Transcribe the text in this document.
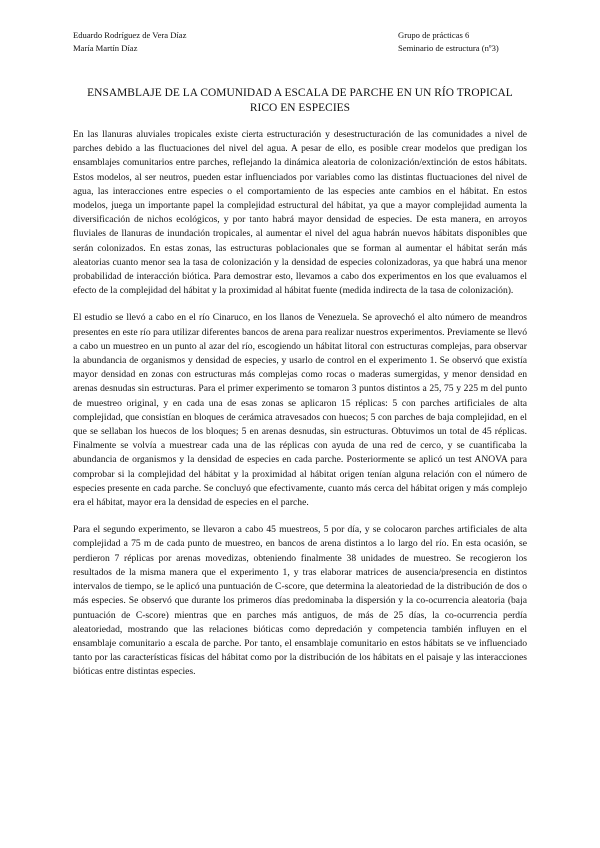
Eduardo Rodríguez de Vera Díaz
María Martín Díaz
Grupo de prácticas 6
Seminario de estructura (nº3)
ENSAMBLAJE DE LA COMUNIDAD A ESCALA DE PARCHE EN UN RÍO TROPICAL RICO EN ESPECIES

En las llanuras aluviales tropicales existe cierta estructuración y desestructuración de las comunidades a nivel de parches debido a las fluctuaciones del nivel del agua. A pesar de ello, es posible crear modelos que predigan los ensamblajes comunitarios entre parches, reflejando la dinámica aleatoria de colonización/extinción de estos hábitats. Estos modelos, al ser neutros, pueden estar influenciados por variables como las distintas fluctuaciones del nivel de agua, las interacciones entre especies o el comportamiento de las especies ante cambios en el hábitat. En estos modelos, juega un importante papel la complejidad estructural del hábitat, ya que a mayor complejidad aumenta la diversificación de nichos ecológicos, y por tanto habrá mayor densidad de especies. De esta manera, en arroyos fluviales de llanuras de inundación tropicales, al aumentar el nivel del agua habrán nuevos hábitats disponibles que serán colonizados. En estas zonas, las estructuras poblacionales que se forman al aumentar el hábitat serán más aleatorias cuanto menor sea la tasa de colonización y la densidad de especies colonizadoras, ya que habrá una menor probabilidad de interacción biótica. Para demostrar esto, llevamos a cabo dos experimentos en los que evaluamos el efecto de la complejidad del hábitat y la proximidad al hábitat fuente (medida indirecta de la tasa de colonización).

El estudio se llevó a cabo en el río Cinaruco, en los llanos de Venezuela. Se aprovechó el alto número de meandros presentes en este río para utilizar diferentes bancos de arena para realizar nuestros experimentos. Previamente se llevó a cabo un muestreo en un punto al azar del río, escogiendo un hábitat litoral con estructuras complejas, para observar la abundancia de organismos y densidad de especies, y usarlo de control en el experimento 1. Se observó que existía mayor densidad en zonas con estructuras más complejas como rocas o maderas sumergidas, y menor densidad en arenas desnudas sin estructuras. Para el primer experimento se tomaron 3 puntos distintos a 25, 75 y 225 m del punto de muestreo original, y en cada una de esas zonas se aplicaron 15 réplicas: 5 con parches artificiales de alta complejidad, que consistían en bloques de cerámica atravesados con huecos; 5 con parches de baja complejidad, en el que se sellaban los huecos de los bloques; 5 en arenas desnudas, sin estructuras. Obtuvimos un total de 45 réplicas. Finalmente se volvía a muestrear cada una de las réplicas con ayuda de una red de cerco, y se cuantificaba la abundancia de organismos y la densidad de especies en cada parche. Posteriormente se aplicó un test ANOVA para comprobar si la complejidad del hábitat y la proximidad al hábitat origen tenían alguna relación con el número de especies presente en cada parche. Se concluyó que efectivamente, cuanto más cerca del hábitat origen y más complejo era el hábitat, mayor era la densidad de especies en el parche.

Para el segundo experimento, se llevaron a cabo 45 muestreos, 5 por día, y se colocaron parches artificiales de alta complejidad a 75 m de cada punto de muestreo, en bancos de arena distintos a lo largo del río. En esta ocasión, se perdieron 7 réplicas por arenas movedizas, obteniendo finalmente 38 unidades de muestreo. Se recogieron los resultados de la misma manera que el experimento 1, y tras elaborar matrices de ausencia/presencia en distintos intervalos de tiempo, se le aplicó una puntuación de C-score, que determina la aleatoriedad de la distribución de dos o más especies. Se observó que durante los primeros días predominaba la dispersión y la co-ocurrencia aleatoria (baja puntuación de C-score) mientras que en parches más antiguos, de más de 25 días, la co-ocurrencia perdía aleatoriedad, mostrando que las relaciones bióticas como depredación y competencia también influyen en el ensamblaje comunitario a escala de parche. Por tanto, el ensamblaje comunitario en estos hábitats se ve influenciado tanto por las características físicas del hábitat como por la distribución de los hábitats en el paisaje y las interacciones bióticas entre distintas especies.
